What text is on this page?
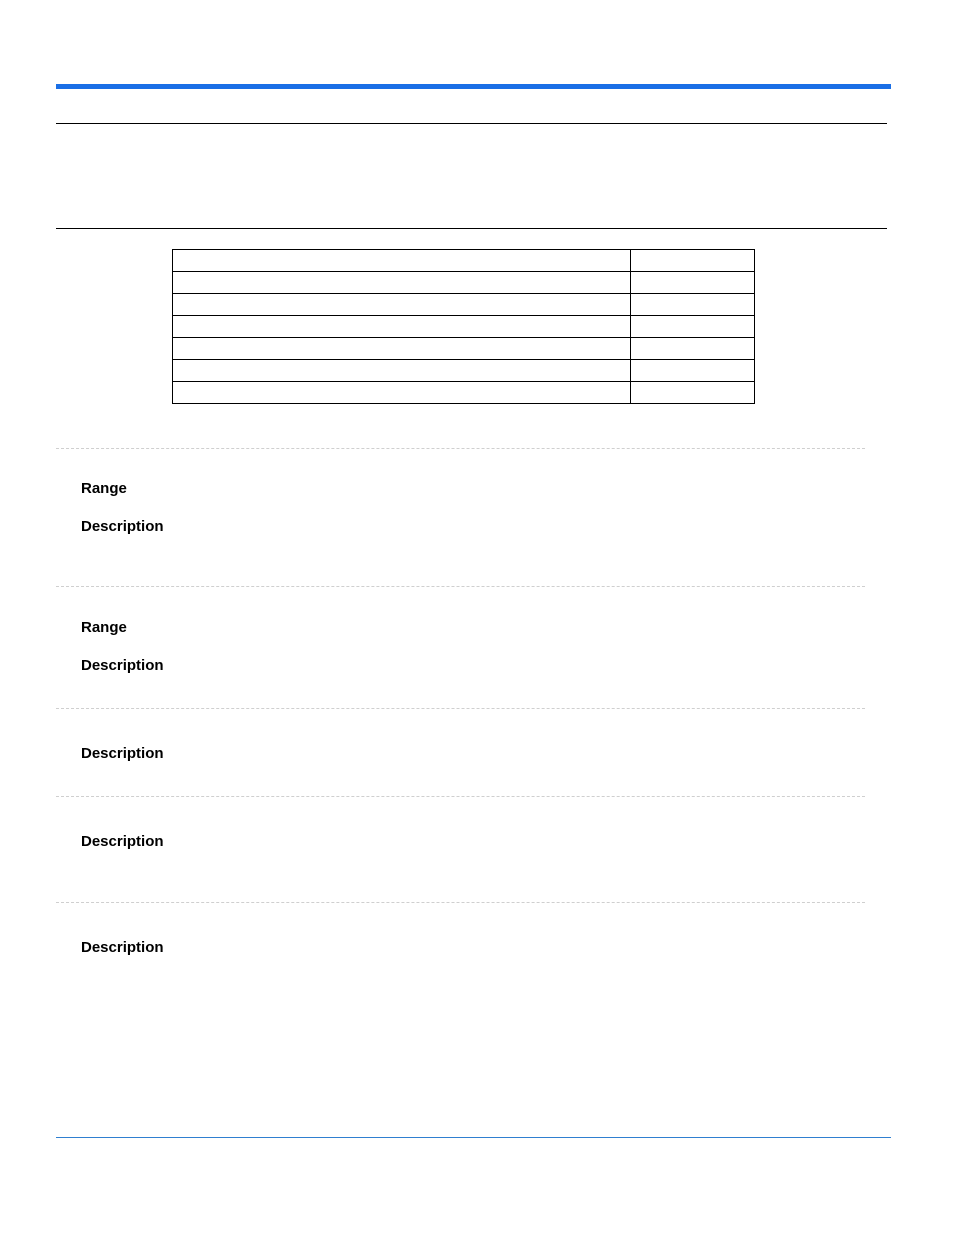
Range
Description
Range
Description
Description
Description
Description
